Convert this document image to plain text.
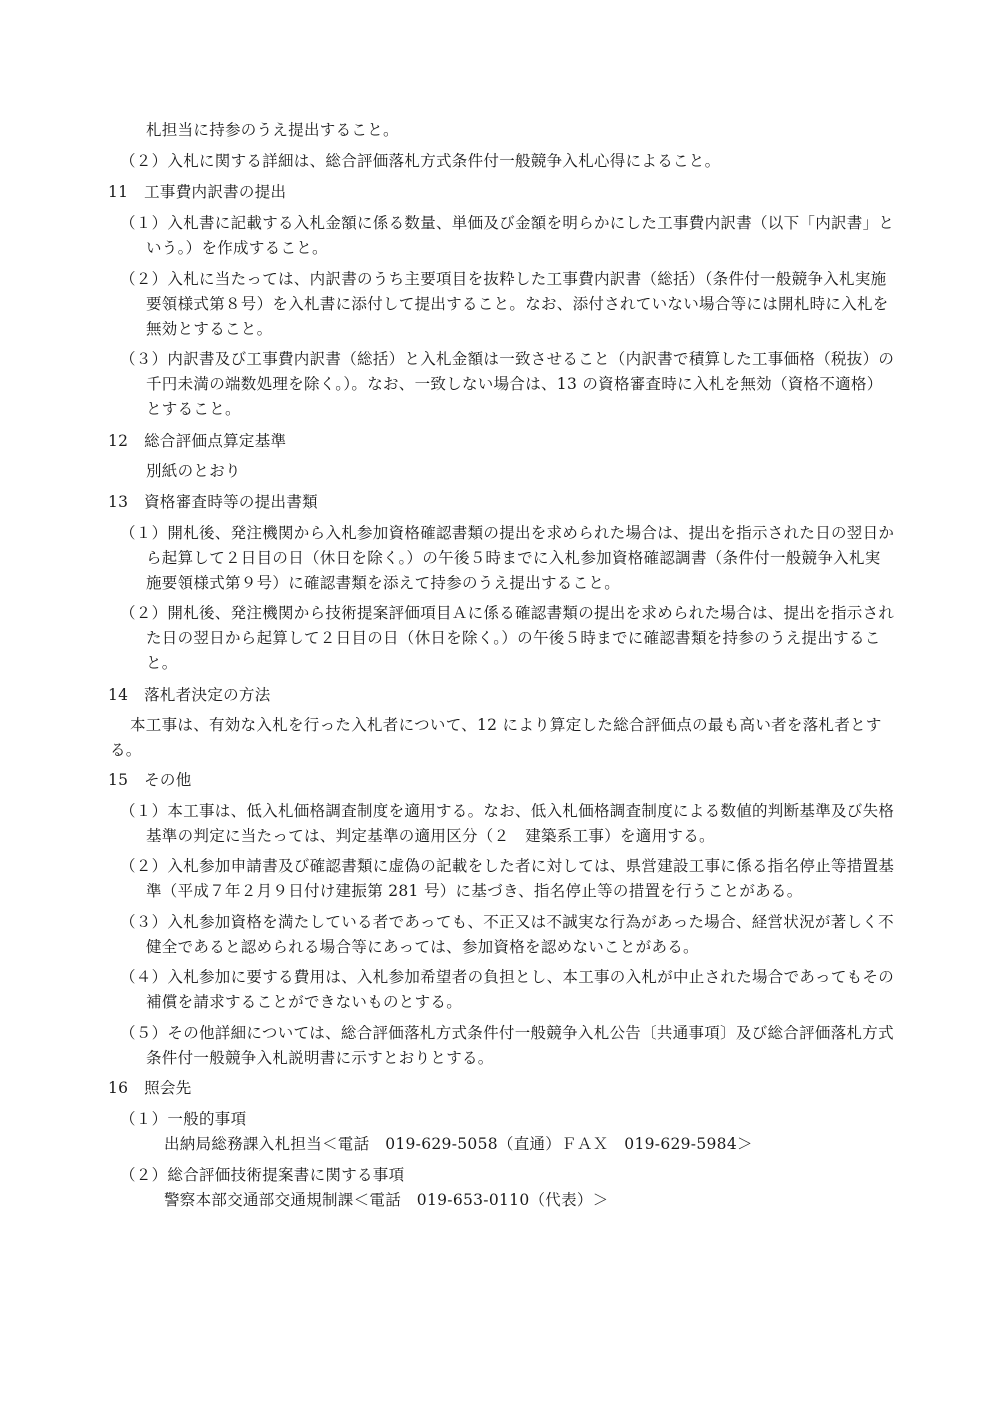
札担当に持参のうえ提出すること。
（２）入札に関する詳細は、総合評価落札方式条件付一般競争入札心得によること。
11　工事費内訳書の提出
（１）入札書に記載する入札金額に係る数量、単価及び金額を明らかにした工事費内訳書（以下「内訳書」と
いう。）を作成すること。
（２）入札に当たっては、内訳書のうち主要項目を抜粋した工事費内訳書（総括）（条件付一般競争入札実施
要領様式第８号）を入札書に添付して提出すること。なお、添付されていない場合等には開札時に入札を
無効とすること。
（３）内訳書及び工事費内訳書（総括）と入札金額は一致させること（内訳書で積算した工事価格（税抜）の
千円未満の端数処理を除く。）。なお、一致しない場合は、13 の資格審査時に入札を無効（資格不適格）
とすること。
12　総合評価点算定基準
別紙のとおり
13　資格審査時等の提出書類
（１）開札後、発注機関から入札参加資格確認書類の提出を求められた場合は、提出を指示された日の翌日か
ら起算して２日目の日（休日を除く。）の午後５時までに入札参加資格確認調書（条件付一般競争入札実
施要領様式第９号）に確認書類を添えて持参のうえ提出すること。
（２）開札後、発注機関から技術提案評価項目Ａに係る確認書類の提出を求められた場合は、提出を指示され
た日の翌日から起算して２日目の日（休日を除く。）の午後５時までに確認書類を持参のうえ提出するこ
と。
14　落札者決定の方法
本工事は、有効な入札を行った入札者について、12 により算定した総合評価点の最も高い者を落札者とす
る。
15　その他
（１）本工事は、低入札価格調査制度を適用する。なお、低入札価格調査制度による数値的判断基準及び失格
基準の判定に当たっては、判定基準の適用区分（２　建築系工事）を適用する。
（２）入札参加申請書及び確認書類に虚偽の記載をした者に対しては、県営建設工事に係る指名停止等措置基
準（平成７年２月９日付け建振第 281 号）に基づき、指名停止等の措置を行うことがある。
（３）入札参加資格を満たしている者であっても、不正又は不誠実な行為があった場合、経営状況が著しく不
健全であると認められる場合等にあっては、参加資格を認めないことがある。
（４）入札参加に要する費用は、入札参加希望者の負担とし、本工事の入札が中止された場合であってもその
補償を請求することができないものとする。
（５）その他詳細については、総合評価落札方式条件付一般競争入札公告〔共通事項〕及び総合評価落札方式
条件付一般競争入札説明書に示すとおりとする。
16　照会先
（１）一般的事項
出納局総務課入札担当＜電話　019-629-5058（直通）ＦＡＸ　019-629-5984＞
（２）総合評価技術提案書に関する事項
警察本部交通部交通規制課＜電話　019-653-0110（代表）＞
